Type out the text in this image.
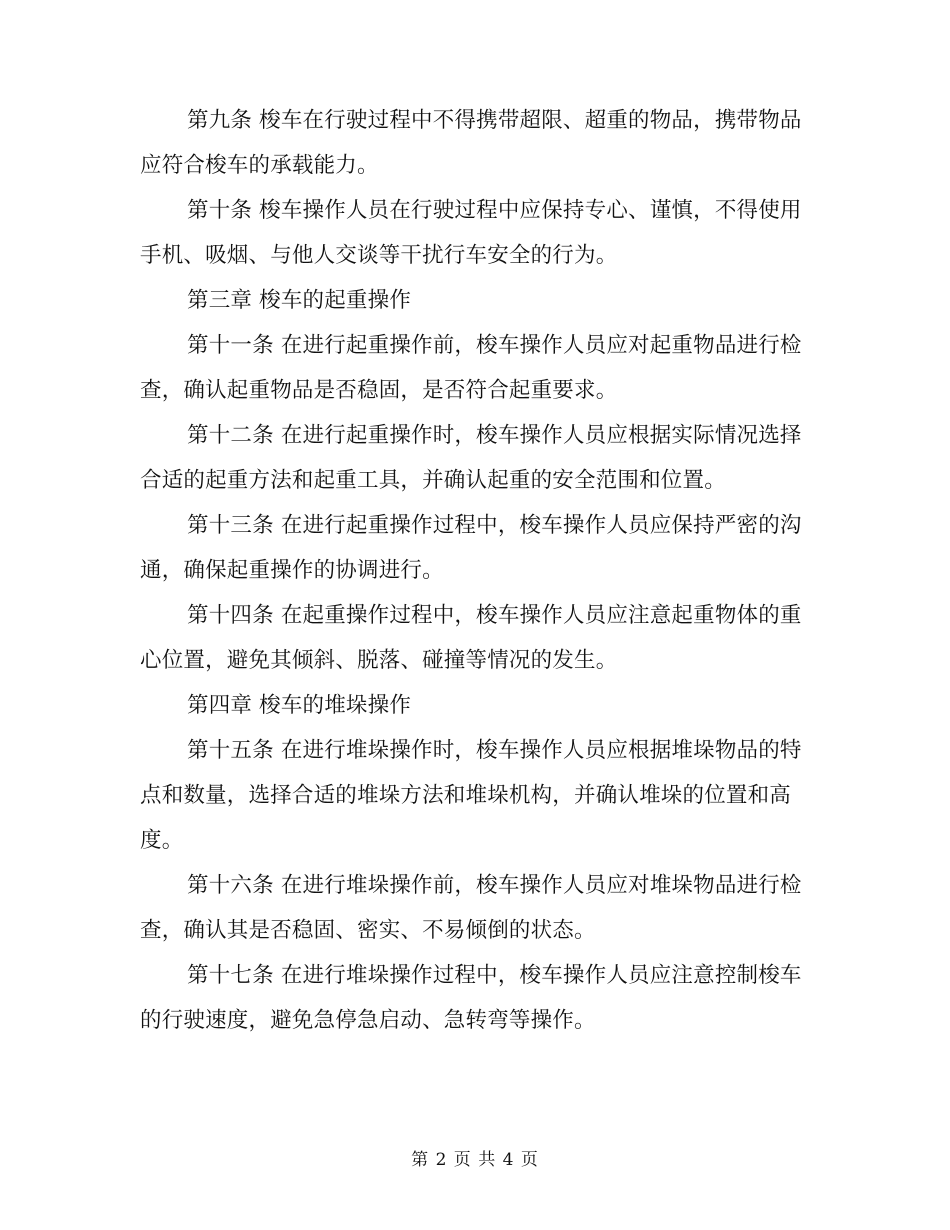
第九条 梭车在行驶过程中不得携带超限、超重的物品，携带物品应符合梭车的承载能力。

第十条 梭车操作人员在行驶过程中应保持专心、谨慎，不得使用手机、吸烟、与他人交谈等干扰行车安全的行为。

第三章 梭车的起重操作

第十一条 在进行起重操作前，梭车操作人员应对起重物品进行检查，确认起重物品是否稳固，是否符合起重要求。

第十二条 在进行起重操作时，梭车操作人员应根据实际情况选择合适的起重方法和起重工具，并确认起重的安全范围和位置。

第十三条 在进行起重操作过程中，梭车操作人员应保持严密的沟通，确保起重操作的协调进行。

第十四条 在起重操作过程中，梭车操作人员应注意起重物体的重心位置，避免其倾斜、脱落、碰撞等情况的发生。

第四章 梭车的堆垛操作

第十五条 在进行堆垛操作时，梭车操作人员应根据堆垛物品的特点和数量，选择合适的堆垛方法和堆垛机构，并确认堆垛的位置和高度。

第十六条 在进行堆垛操作前，梭车操作人员应对堆垛物品进行检查，确认其是否稳固、密实、不易倾倒的状态。

第十七条 在进行堆垛操作过程中，梭车操作人员应注意控制梭车的行驶速度，避免急停急启动、急转弯等操作。

第 2 页 共 4 页
